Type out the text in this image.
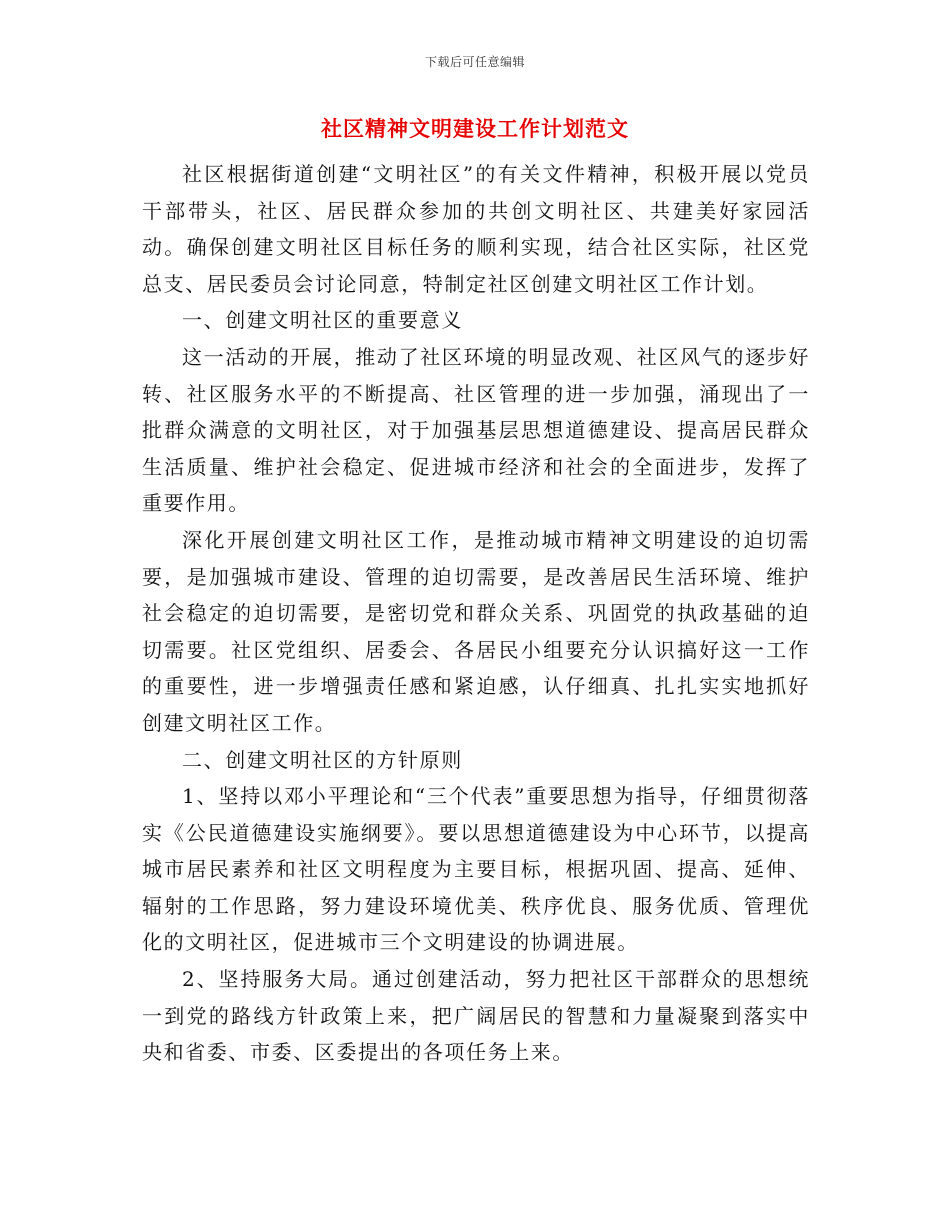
下载后可任意编辑
社区精神文明建设工作计划范文

社区根据街道创建“文明社区”的有关文件精神，积极开展以党员干部带头，社区、居民群众参加的共创文明社区、共建美好家园活动。确保创建文明社区目标任务的顺利实现，结合社区实际，社区党总支、居民委员会讨论同意，特制定社区创建文明社区工作计划。

一、创建文明社区的重要意义

这一活动的开展，推动了社区环境的明显改观、社区风气的逐步好转、社区服务水平的不断提高、社区管理的进一步加强，涌现出了一批群众满意的文明社区，对于加强基层思想道德建设、提高居民群众生活质量、维护社会稳定、促进城市经济和社会的全面进步，发挥了重要作用。

深化开展创建文明社区工作，是推动城市精神文明建设的迫切需要，是加强城市建设、管理的迫切需要，是改善居民生活环境、维护社会稳定的迫切需要，是密切党和群众关系、巩固党的执政基础的迫切需要。社区党组织、居委会、各居民小组要充分认识搞好这一工作的重要性，进一步增强责任感和紧迫感，认仔细真、扎扎实实地抓好创建文明社区工作。

二、创建文明社区的方针原则

1、坚持以邓小平理论和“三个代表”重要思想为指导，仔细贯彻落实《公民道德建设实施纲要》。要以思想道德建设为中心环节，以提高城市居民素养和社区文明程度为主要目标，根据巩固、提高、延伸、辐射的工作思路，努力建设环境优美、秩序优良、服务优质、管理优化的文明社区，促进城市三个文明建设的协调进展。

2、坚持服务大局。通过创建活动，努力把社区干部群众的思想统一到党的路线方针政策上来，把广阔居民的智慧和力量凝聚到落实中央和省委、市委、区委提出的各项任务上来。
